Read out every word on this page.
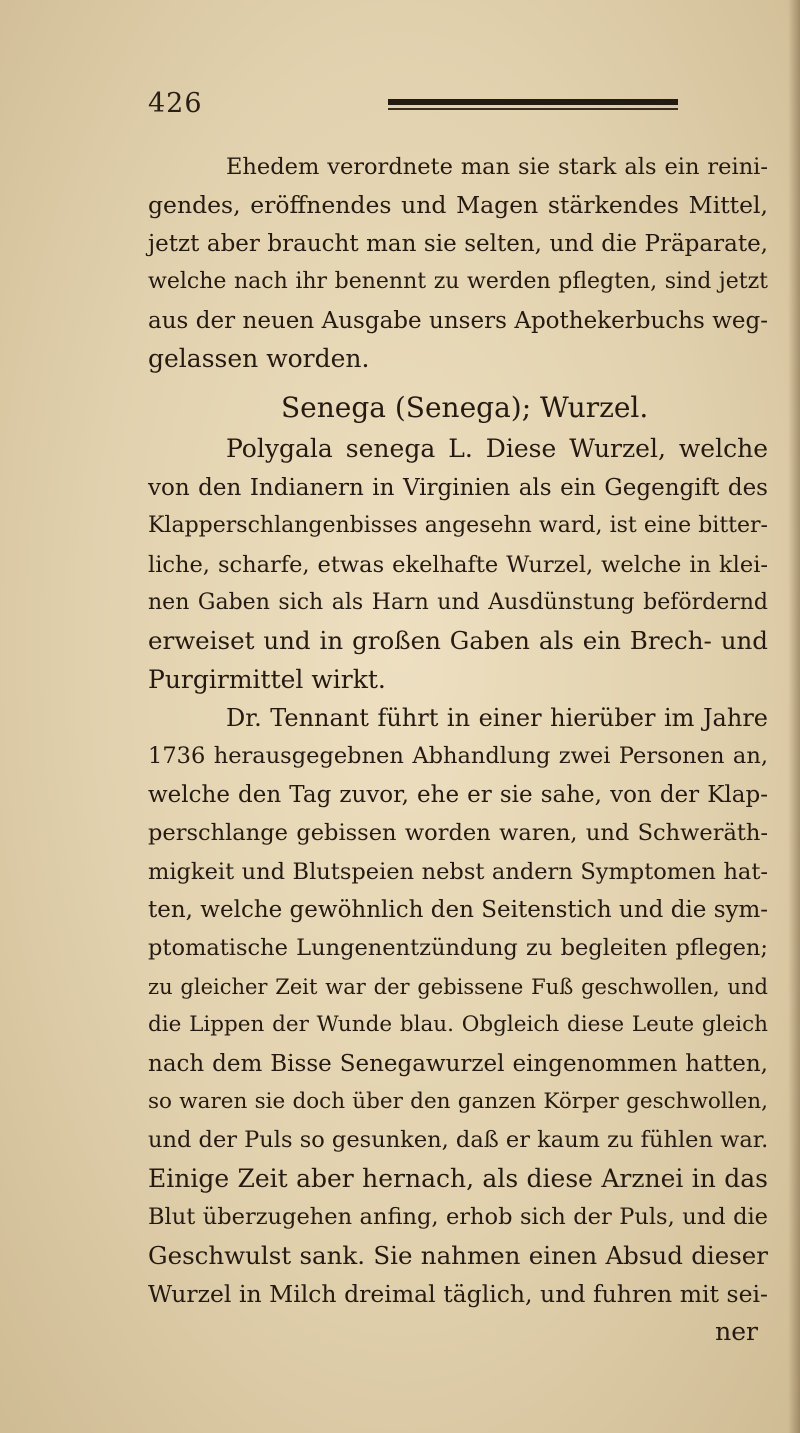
426
Ehedem verordnete man sie stark als ein reini-
gendes, eröffnendes und Magen stärkendes Mittel,
jetzt aber braucht man sie selten, und die Präparate,
welche nach ihr benennt zu werden pflegten, sind jetzt
aus der neuen Ausgabe unsers Apothekerbuchs weg-
gelassen worden.
Senega (Senega); Wurzel.
Polygala senega L. Diese Wurzel, welche
von den Indianern in Virginien als ein Gegengift des
Klapperschlangenbisses angesehn ward, ist eine bitter-
liche, scharfe, etwas ekelhafte Wurzel, welche in klei-
nen Gaben sich als Harn und Ausdünstung befördernd
erweiset und in großen Gaben als ein Brech- und
Purgirmittel wirkt.
Dr. Tennant führt in einer hierüber im Jahre
1736 herausgegebnen Abhandlung zwei Personen an,
welche den Tag zuvor, ehe er sie sahe, von der Klap-
perschlange gebissen worden waren, und Schweräth-
migkeit und Blutspeien nebst andern Symptomen hat-
ten, welche gewöhnlich den Seitenstich und die sym-
ptomatische Lungenentzündung zu begleiten pflegen;
zu gleicher Zeit war der gebissene Fuß geschwollen, und
die Lippen der Wunde blau. Obgleich diese Leute gleich
nach dem Bisse Senegawurzel eingenommen hatten,
so waren sie doch über den ganzen Körper geschwollen,
und der Puls so gesunken, daß er kaum zu fühlen war.
Einige Zeit aber hernach, als diese Arznei in das
Blut überzugehen anfing, erhob sich der Puls, und die
Geschwulst sank. Sie nahmen einen Absud dieser
Wurzel in Milch dreimal täglich, und fuhren mit sei-
ner
